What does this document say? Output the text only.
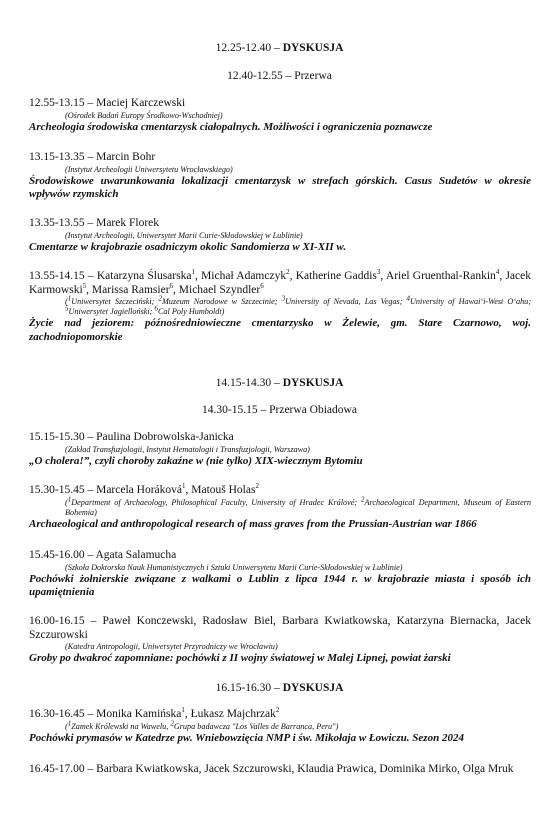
12.25-12.40 – DYSKUSJA
12.40-12.55 – Przerwa
12.55-13.15 – Maciej Karczewski
(Ośrodek Badań Europy Środkowo-Wschodniej)
Archeologia środowiska cmentarzysk ciałopalnych. Możliwości i ograniczenia poznawcze
13.15-13.35 – Marcin Bohr
(Instytut Archeologii Uniwersytetu Wrocławskiego)
Środowiskowe uwarunkowania lokalizacji cmentarzysk w strefach górskich. Casus Sudetów w okresie wpływów rzymskich
13.35-13.55 – Marek Florek
(Instytut Archeologii, Uniwersytet Marii Curie-Skłodowskiej w Lublinie)
Cmentarze w krajobrazie osadniczym okolic Sandomierza w XI-XII w.
13.55-14.15 – Katarzyna Ślusarska$^1$, Michał Adamczyk$^2$, Katherine Gaddis$^3$, Ariel Gruenthal-Rankin$^4$, Jacek Karmowski$^5$, Marissa Ramsier$^6$, Michael Szyndler$^6$
($^1$Uniwersytet Szczeciński; $^2$Muzeum Narodowe w Szczecinie; $^3$University of Nevada, Las Vegas; $^4$University of Hawai‘i-West O‘ahu; $^5$Uniwersytet Jagielloński; $^6$Cal Poly Humboldt)
Życie nad jeziorem: późnośredniowieczne cmentarzysko w Żelewie, gm. Stare Czarnowo, woj. zachodniopomorskie
14.15-14.30 – DYSKUSJA
14.30-15.15 – Przerwa Obiadowa
15.15-15.30 – Paulina Dobrowolska-Janicka
(Zakład Transfuzjologii, Instytut Hematologii i Transfuzjologii, Warszawa)
„O cholera!”, czyli choroby zakaźne w (nie tylko) XIX-wiecznym Bytomiu
15.30-15.45 – Marcela Horáková$^1$, Matouš Holas$^2$
($^1$Department of Archaeology, Philosophical Faculty, University of Hradec Králové; $^2$Archaeological Department, Museum of Eastern Bohemia)
Archaeological and anthropological research of mass graves from the Prussian-Austrian war 1866
15.45-16.00 – Agata Salamucha
(Szkoła Doktorska Nauk Humanistycznych i Sztuki Uniwersytetu Marii Curie-Skłodowskiej w Lublinie)
Pochówki żołnierskie związane z walkami o Lublin z lipca 1944 r. w krajobrazie miasta i sposób ich upamiętnienia
16.00-16.15 – Paweł Konczewski, Radosław Biel, Barbara Kwiatkowska, Katarzyna Biernacka, Jacek Szczurowski
(Katedra Antropologii, Uniwersytet Przyrodniczy we Wrocławiu)
Groby po dwakroć zapomniane: pochówki z II wojny światowej w Malej Lipnej, powiat żarski
16.15-16.30 – DYSKUSJA
16.30-16.45 – Monika Kamińska$^1$, Łukasz Majchrzak$^2$
($^1$Zamek Królewski na Wawelu, $^2$Grupa badawcza "Los Valles de Barranca, Peru")
Pochówki prymasów w Katedrze pw. Wniebowzięcia NMP i św. Mikołaja w Łowiczu. Sezon 2024
16.45-17.00 – Barbara Kwiatkowska, Jacek Szczurowski, Klaudia Prawica, Dominika Mirko, Olga Mruk
